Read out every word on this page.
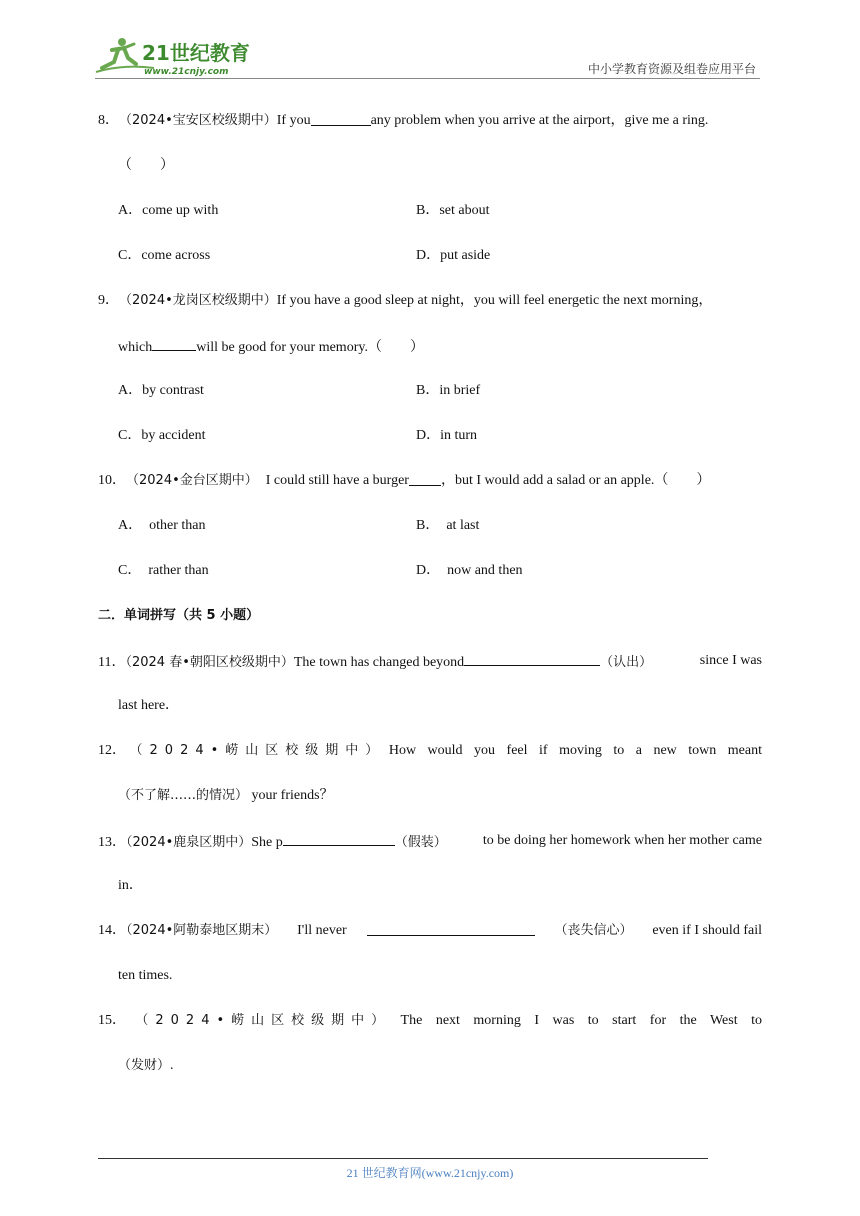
21世纪教育
www.21cnjy.com	中小学教育资源及组卷应用平台
8． （2024•宝安区校级期中） If you	any problem when you arrive at the airport，give me a ring.
（　　）
A．come up with	B．set about
C．come across	D．put aside
9． （2024•龙岗区校级期中） If you have a good sleep at night，you will feel energetic the next morning，
which	will be good for your memory.（　　）
A．by contrast	B．in brief
C．by accident	D．in turn
10． （2024•金台区期中） I could still have a burger ，but I would add a salad or an apple.（　　）
A．　other than	B．　at last
C．　rather than	D．　now and then
二．单词拼写（共 5 小题）
11．（2024 春•朝阳区校级期中）The town has changed beyond	（认出）	since I was
last here．
12． （2024•崂山区校级期中） How would you feel if moving to a new town meant
（不了解……的情况） your friends？
13．（2024•鹿泉区期中）She p	（假装）	to be doing her homework when her mother came
in．
14．（2024•阿勒泰地区期末） I'll never	（丧失信心） even if I should fail
ten times.
15． （2024•崂山区校级期中） The next morning I was to start for the West to
（发财）.
21 世纪教育网(www.21cnjy.com)
